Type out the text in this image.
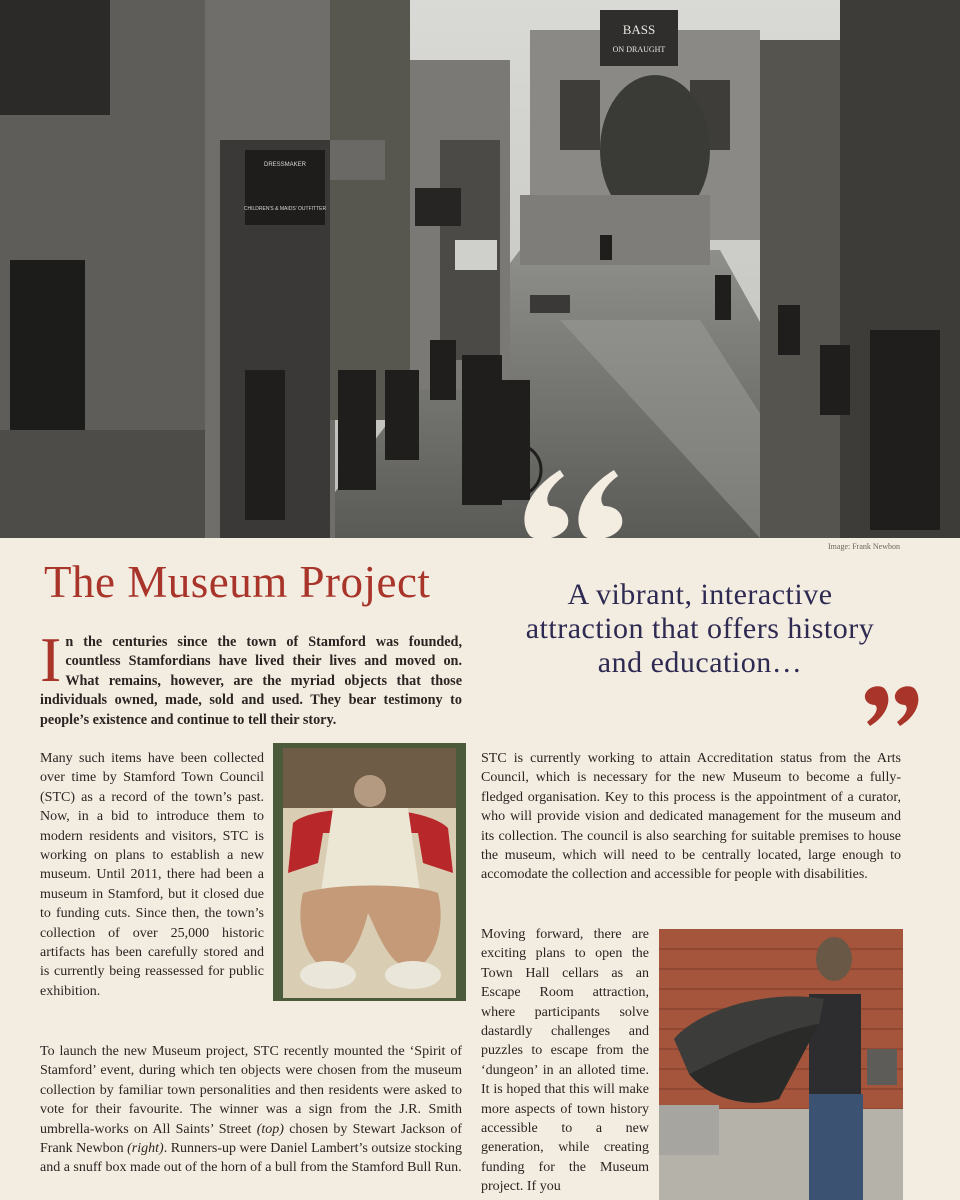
BASS
ON DRAUGHT
DRESSMAKER
CHILDREN'S & MAIDS' OUTFITTER
Image: Frank Newbon
The Museum Project	A vibrant, interactive attraction that offers history and education…
In the centuries since the town of Stamford was founded, countless Stamfordians have lived their lives and moved on. What remains, however, are the myriad objects that those individuals owned, made, sold and used. They bear testimony to people’s existence and continue to tell their story.

Many such items have been collected over time by Stamford Town Council (STC) as a record of the town’s past. Now, in a bid to introduce them to modern residents and visitors, STC is working on plans to establish a new museum. Until 2011, there had been a museum in Stamford, but it closed due to funding cuts. Since then, the town’s collection of over 25,000 historic artifacts has been carefully stored and is currently being reassessed for public exhibition.

To launch the new Museum project, STC recently mounted the ‘Spirit of Stamford’ event, during which ten objects were chosen from the museum collection by familiar town personalities and then residents were asked to vote for their favourite. The winner was a sign from the J.R. Smith umbrella-works on All Saints’ Street (top) chosen by Stewart Jackson of Frank Newbon (right). Runners-up were Daniel Lambert’s outsize stocking and a snuff box made out of the horn of a bull from the Stamford Bull Run.

STC is currently working to attain Accreditation status from the Arts Council, which is necessary for the new Museum to become a fully-fledged organisation. Key to this process is the appointment of a curator, who will provide vision and dedicated management for the museum and its collection. The council is also searching for suitable premises to house the museum, which will need to be centrally located, large enough to accomodate the collection and accessible for people with disabilities.

Moving forward, there are exciting plans to open the Town Hall cellars as an Escape Room attraction, where participants solve dastardly challenges and puzzles to escape from the ‘dungeon’ in an alloted time. It is hoped that this will make more aspects of town history accessible to a new generation, while creating funding for the Museum project. If you
